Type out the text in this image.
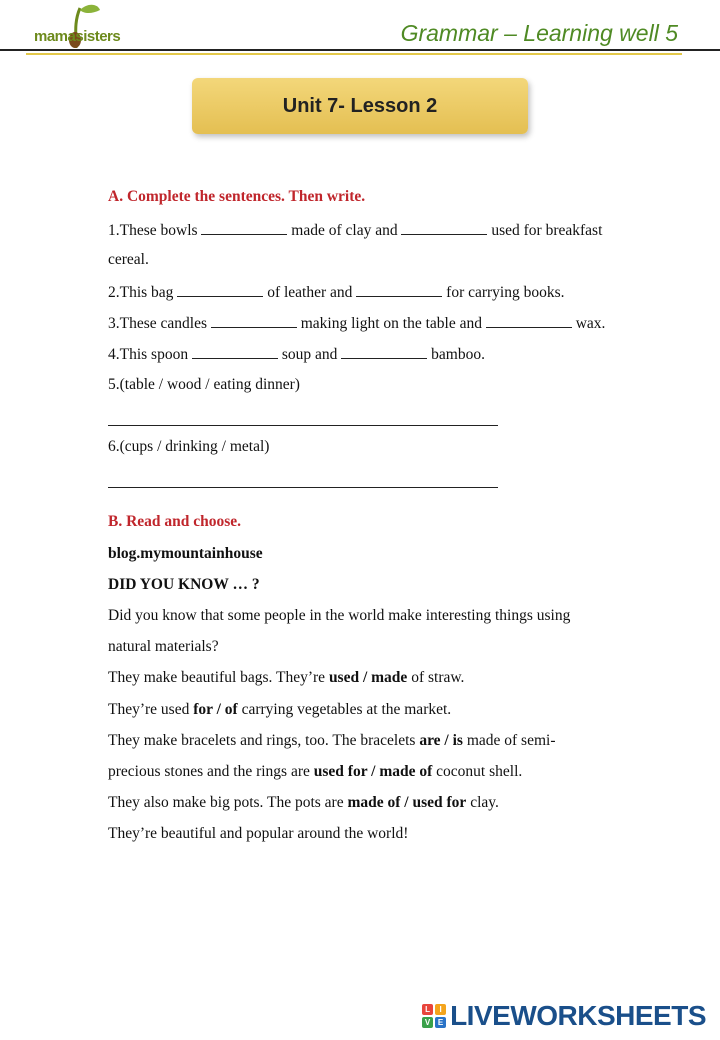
mamasisters	Grammar – Learning well 5
Unit 7- Lesson 2
A. Complete the sentences. Then write.
1.These bowls	made of clay and	used for breakfast
cereal.
2.This bag	of leather and	for carrying books.
3.These candles	making light on the table and	wax.
4.This spoon	soup and	bamboo.
5.(table / wood / eating dinner)
6.(cups / drinking / metal)
B. Read and choose.
blog.mymountainhouse
DID YOU KNOW … ?
Did you know that some people in the world make interesting things using
natural materials?
They make beautiful bags. They’re used / made of straw.
They’re used for / of carrying vegetables at the market.
They make bracelets and rings, too. The bracelets are / is made of semi-
precious stones and the rings are used for / made of coconut shell.
They also make big pots. The pots are made of / used for clay.
They’re beautiful and popular around the world!
L	I
V E LIVEWORKSHEETS
